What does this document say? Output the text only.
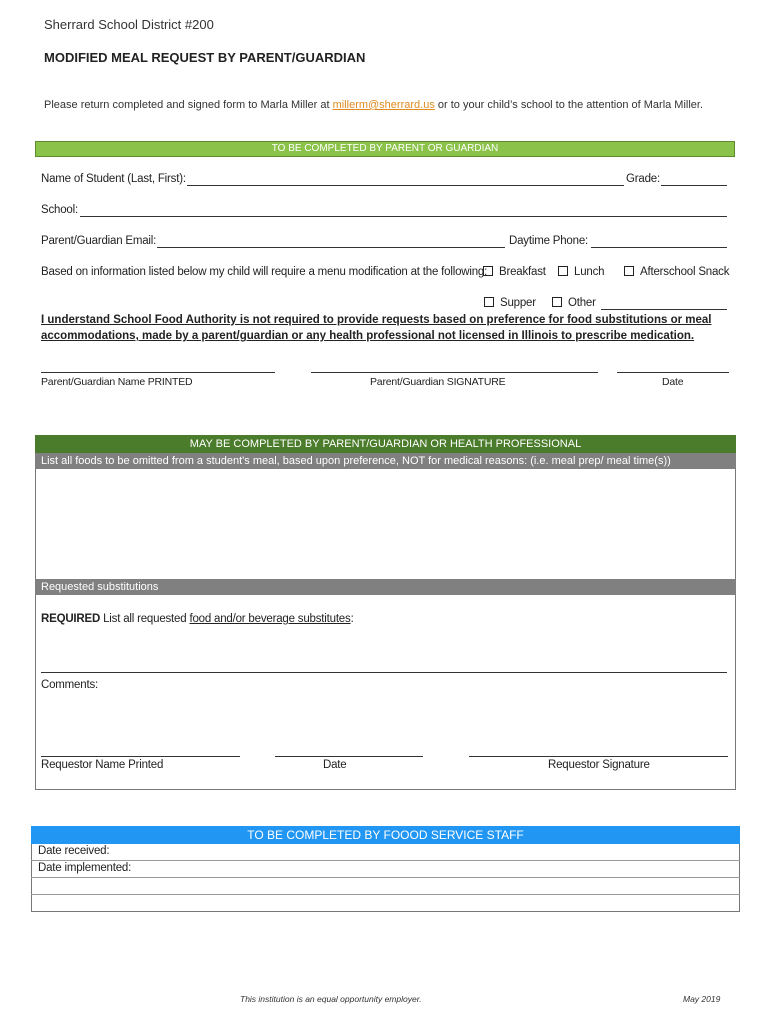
Sherrard School District #200
MODIFIED MEAL REQUEST BY PARENT/GUARDIAN
Please return completed and signed form to Marla Miller at millerm@sherrard.us or to your child’s school to the attention of Marla Miller.
TO BE COMPLETED BY PARENT OR GUARDIAN
Name of Student (Last, First):	Grade:
School:
Parent/Guardian Email:	Daytime Phone:
Based on information listed below my child will require a menu modification at the following:	Breakfast	Lunch	Afterschool Snack
Supper	Other
I understand School Food Authority is not required to provide requests based on preference for food substitutions or meal accommodations, made by a parent/guardian or any health professional not licensed in Illinois to prescribe medication.
Parent/Guardian Name PRINTED	Parent/Guardian SIGNATURE	Date
MAY BE COMPLETED BY PARENT/GUARDIAN OR HEALTH PROFESSIONAL
List all foods to be omitted from a student's meal, based upon preference, NOT for medical reasons: (i.e. meal prep/ meal time(s))
Requested substitutions
REQUIRED List all requested food and/or beverage substitutes:
Comments:
Requestor Name Printed	Date	Requestor Signature
TO BE COMPLETED BY FOOOD SERVICE STAFF
Date received:
Date implemented:
This institution is an equal opportunity employer.	May 2019
